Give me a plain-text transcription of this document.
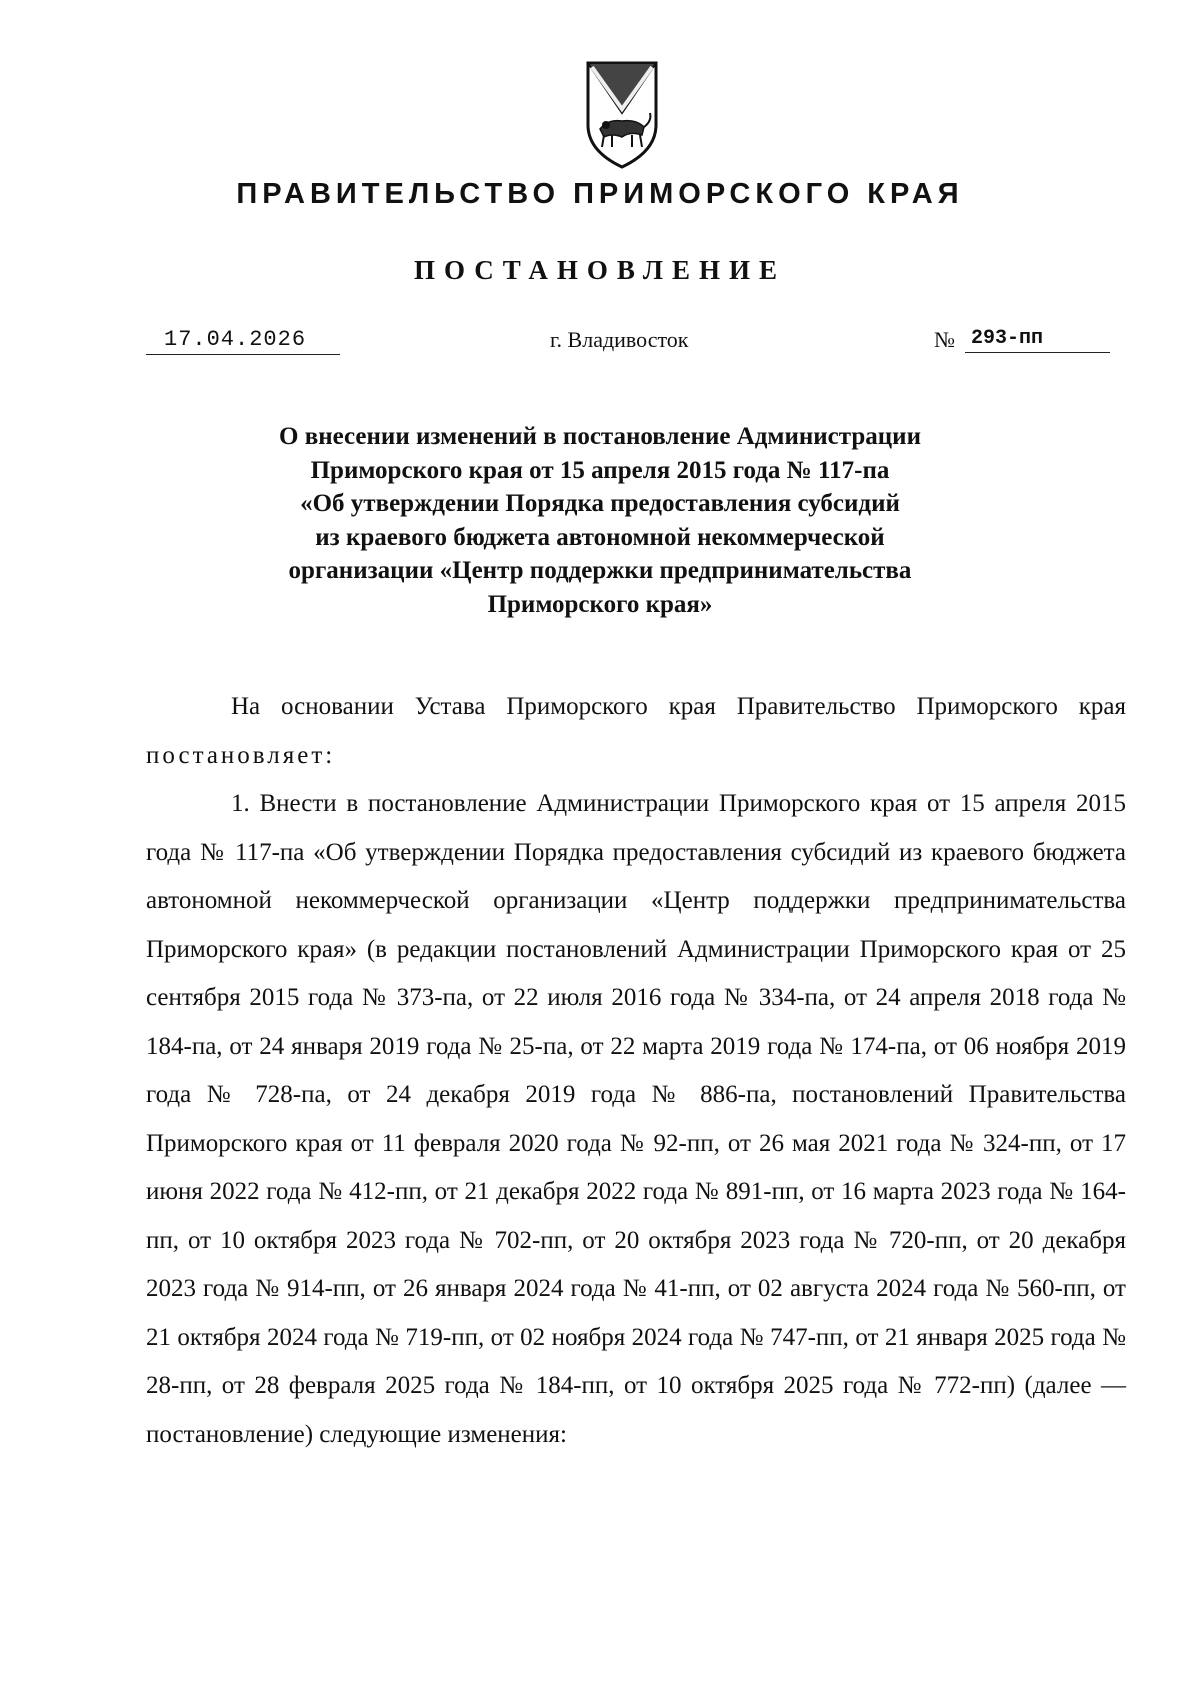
ПРАВИТЕЛЬСТВО ПРИМОРСКОГО КРАЯ
ПОСТАНОВЛЕНИЕ
17.04.2026	г. Владивосток	№ 293-пп
О внесении изменений в постановление Администрации
Приморского края от 15 апреля 2015 года № 117-па
«Об утверждении Порядка предоставления субсидий
из краевого бюджета автономной некоммерческой
организации «Центр поддержки предпринимательства
Приморского края»

На основании Устава Приморского края Правительство Приморского края постановляет:

1. Внести в постановление Администрации Приморского края от 15 апреля 2015 года № 117-па «Об утверждении Порядка предоставления субсидий из краевого бюджета автономной некоммерческой организации «Центр поддержки предпринимательства Приморского края» (в редакции постановлений Администрации Приморского края от 25 сентября 2015 года № 373-па, от 22 июля 2016 года № 334-па, от 24 апреля 2018 года № 184-па, от 24 января 2019 года № 25-па, от 22 марта 2019 года № 174-па, от 06 ноября 2019 года № 728-па, от 24 декабря 2019 года № 886-па, постановлений Правительства Приморского края от 11 февраля 2020 года № 92-пп, от 26 мая 2021 года № 324-пп, от 17 июня 2022 года № 412-пп, от 21 декабря 2022 года № 891-пп, от 16 марта 2023 года № 164-пп, от 10 октября 2023 года № 702-пп, от 20 октября 2023 года № 720-пп, от 20 декабря 2023 года № 914-пп, от 26 января 2024 года № 41-пп, от 02 августа 2024 года № 560-пп, от 21 октября 2024 года № 719-пп, от 02 ноября 2024 года № 747-пп, от 21 января 2025 года № 28-пп, от 28 февраля 2025 года № 184-пп, от 10 октября 2025 года № 772-пп) (далее — постановление) следующие изменения:
